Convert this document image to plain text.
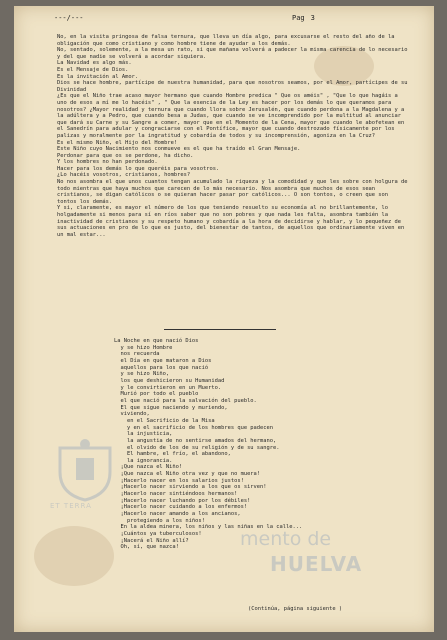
---/---	Pag 3

No, en la visita pringosa de falsa ternura, que lleva un día algo, para excusarse el resto del año de la obligación que como cristiano y como hombre tiene de ayudar a los demás.

No, sentado, solemente, a la mesa un rato, si que mañana volverá a padecer la misma carencia de lo necesario y del que nadie se volverá a acordar siquiera.

La Navidad es algo más.

Es el Mensaje de Dios.

Es la invitación al Amor.

Dios se hace hombre, partícipe de nuestra humanidad, para que nosotros seamos, por el Amor, partícipes de su Divinidad

¿Es que el Niño trae acaso mayor hermano que cuando Hombre predica " Que os améis" , "Que lo que hagáis a uno de esos a mí me lo hacéis" , " Que la esencia de la Ley es hacer por los demás lo que queramos para nosotros? ¿Mayor realidad y ternura que cuando llora sobre Jerusalén, que cuando perdona a la Magdalena y a la adúltera y a Pedro, que cuando besa a Judas, que cuando se ve incomprendido por la multitud al anunciar que dará su Carne y su Sangre a comer, mayor que en el Momento de la Cena, mayor que cuando le abofetean en el Sanedrín para adular y congraciarse con el Pontífice, mayor que cuando destrozado físicamente por los palizas y moralmente por la ingratitud y cobardía de todos y su incomprensión, agoniza en la Cruz?

Es el mismo Niño, el Hijo del Hombre!

Este Niño cuyo Nacimiento nos conmueve es el que ha traído el Gran Mensaje.

Perdonar para que os se perdone, ha dicho.

Y los hombres no han perdonado.

Hacer para los demás lo que queréis para vosotros.

¿Lo hacéis vosotros, cristianos, hombres?

No nos asombra el que unos cuantos tengan acumulado la riqueza y la comodidad y que les sobre con holgura de todo mientras que haya muchos que carecen de lo más necesario. Nos asombra que muchos de esos sean cristianos, se digan católicos o se quieran hacer pasar por católicos... O son tontos, o creen que son tontos los demás.

Y si, claramente, es mayor el número de los que teniendo resuelto su economía al no brillantemente, lo holgadamente si menos para sí en ríos saber que no son pobres y que nada les falta, asombra también la inactividad de cristianos y su respeto humano y cobardía a la hora de decidirse y hablar, y lo pequeñez de sus actuaciones en pro de lo que es justo, del bienestar de tantos, de aquellos que ordinariamente viven en un mal estar...

La Noche en que nació Dios

y se hizo Hombre

nos recuerda

el Día en que mataron a Dios

aquellos para los que nació

y se hizo Niño,

los que deshicieron su Humanidad

y le convirtieron en un Muerto.

Murió por todo el pueblo

el que nació para la salvación del pueblo.

El que sigue naciendo y muriendo,

viviendo,

en el Sacrificio de la Misa

y en el sacrificio de los hombres que padecen

la injusticia,

la angustia de no sentirse amados del hermano,

el olvido de los de su religión y de su sangre.

El hambre, el frío, el abandono,

la ignorancia.

¡Que nazca el Niño!

¡Que nazca el Niño otra vez y que no muera!

¡Hacerlo nacer en los salarios justos!

¡Hacerlo nacer sirviendo a los que os sirven!

¡Hacerlo nacer sintiéndoos hermanos!

¡Hacerlo nacer luchando por los débiles!

¡Hacerlo nacer cuidando a los enfermos!

¡Hacerlo nacer amando a los ancianos,

protegiendo a los niños!

En la aldea minera, los niños y las niñas en la calle...

¡Cuántos ya tuberculosos!

¡Nacerá el Niño allí?

Oh, sí, que nazca!

(Continúa, página siguiente )
ET TERRA
mento de
HUELVA
